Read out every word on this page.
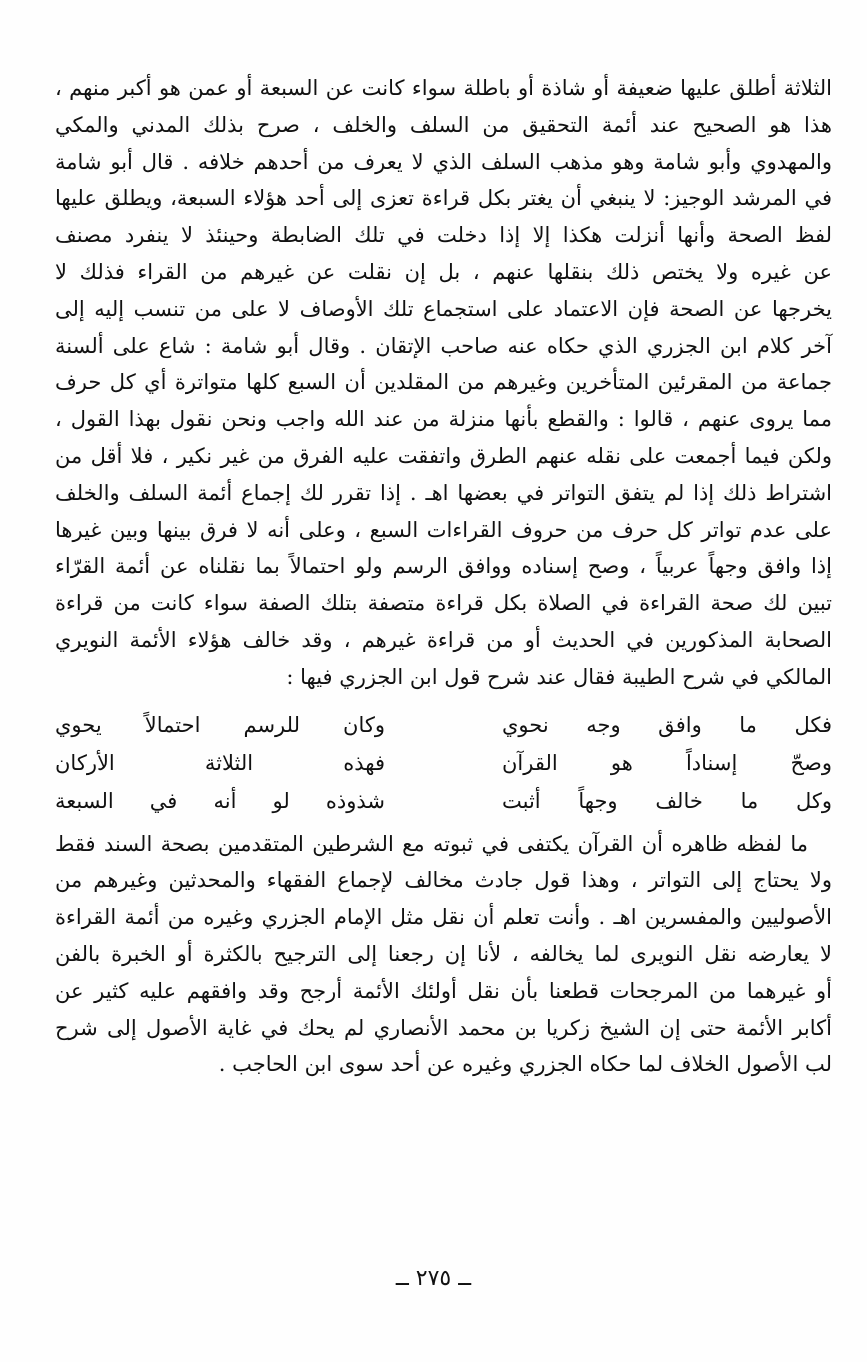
الثلاثة أطلق عليها ضعيفة أو شاذة أو باطلة سواء كانت عن السبعة أو عمن هو أكبر منهم ،
هذا هو الصحيح عند أئمة التحقيق من السلف والخلف ، صرح بذلك المدني والمكي
والمهدوي وأبو شامة وهو مذهب السلف الذي لا يعرف من أحدهم خلافه . قال أبو شامة
في المرشد الوجيز: لا ينبغي أن يغتر بكل قراءة تعزى إلى أحد هؤلاء السبعة، ويطلق عليها
لفظ الصحة وأنها أنزلت هكذا إلا إذا دخلت في تلك الضابطة وحينئذ لا ينفرد مصنف
عن غيره ولا يختص ذلك بنقلها عنهم ، بل إن نقلت عن غيرهم من القراء فذلك لا
يخرجها عن الصحة فإن الاعتماد على استجماع تلك الأوصاف لا على من تنسب إليه إلى
آخر كلام ابن الجزري الذي حكاه عنه صاحب الإتقان . وقال أبو شامة : شاع على ألسنة
جماعة من المقرئين المتأخرين وغيرهم من المقلدين أن السبع كلها متواترة أي كل حرف
مما يروى عنهم ، قالوا : والقطع بأنها منزلة من عند الله واجب ونحن نقول بهذا القول ،
ولكن فيما أجمعت على نقله عنهم الطرق واتفقت عليه الفرق من غير نكير ، فلا أقل من
اشتراط ذلك إذا لم يتفق التواتر في بعضها اهـ . إذا تقرر لك إجماع أئمة السلف والخلف
على عدم تواتر كل حرف من حروف القراءات السبع ، وعلى أنه لا فرق بينها وبين غيرها
إذا وافق وجهاً عربياً ، وصح إسناده ووافق الرسم ولو احتمالاً بما نقلناه عن أئمة القرّاء
تبين لك صحة القراءة في الصلاة بكل قراءة متصفة بتلك الصفة سواء كانت من قراءة
الصحابة المذكورين في الحديث أو من قراءة غيرهم ، وقد خالف هؤلاء الأئمة النويري
المالكي في شرح الطيبة فقال عند شرح قول ابن الجزري فيها :
فكل ما وافق وجه نحوي
وكان للرسم احتمالاً يحوي
وصحّ إسناداً هو القرآن
فهذه الثلاثة الأركان
وكل ما خالف وجهاً أثبت
شذوذه لو أنه في السبعة
ما لفظه ظاهره أن القرآن يكتفى في ثبوته مع الشرطين المتقدمين بصحة السند فقط
ولا يحتاج إلى التواتر ، وهذا قول جادث مخالف لإجماع الفقهاء والمحدثين وغيرهم من
الأصوليين والمفسرين اهـ . وأنت تعلم أن نقل مثل الإمام الجزري وغيره من أئمة القراءة
لا يعارضه نقل النويرى لما يخالفه ، لأنا إن رجعنا إلى الترجيح بالكثرة أو الخبرة بالفن
أو غيرهما من المرجحات قطعنا بأن نقل أولئك الأئمة أرجح وقد وافقهم عليه كثير عن
أكابر الأئمة حتى إن الشيخ زكريا بن محمد الأنصاري لم يحك في غاية الأصول إلى شرح
لب الأصول الخلاف لما حكاه الجزري وغيره عن أحد سوى ابن الحاجب .
ــ ٢٧٥ ــ
